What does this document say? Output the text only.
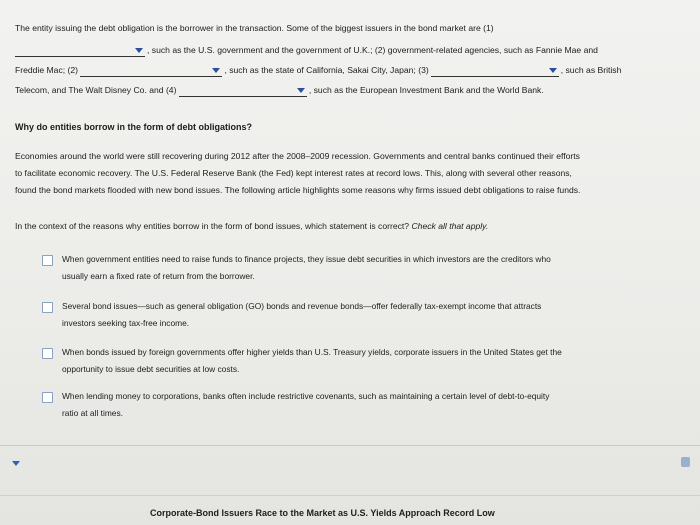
The entity issuing the debt obligation is the borrower in the transaction. Some of the biggest issuers in the bond market are (1)
, such as the U.S. government and the government of U.K.; (2) government-related agencies, such as Fannie Mae and
Freddie Mac; (2)	, such as the state of California, Sakai City, Japan; (3)	, such as British
Telecom, and The Walt Disney Co. and (4)	, such as the European Investment Bank and the World Bank.
Why do entities borrow in the form of debt obligations?
Economies around the world were still recovering during 2012 after the 2008–2009 recession. Governments and central banks continued their efforts
to facilitate economic recovery. The U.S. Federal Reserve Bank (the Fed) kept interest rates at record lows. This, along with several other reasons,
found the bond markets flooded with new bond issues. The following article highlights some reasons why firms issued debt obligations to raise funds.
In the context of the reasons why entities borrow in the form of bond issues, which statement is correct? Check all that apply.
When government entities need to raise funds to finance projects, they issue debt securities in which investors are the creditors who
usually earn a fixed rate of return from the borrower.
Several bond issues—such as general obligation (GO) bonds and revenue bonds—offer federally tax-exempt income that attracts
investors seeking tax-free income.
When bonds issued by foreign governments offer higher yields than U.S. Treasury yields, corporate issuers in the United States get the
opportunity to issue debt securities at low costs.
When lending money to corporations, banks often include restrictive covenants, such as maintaining a certain level of debt-to-equity
ratio at all times.
Corporate-Bond Issuers Race to the Market as U.S. Yields Approach Record Low
